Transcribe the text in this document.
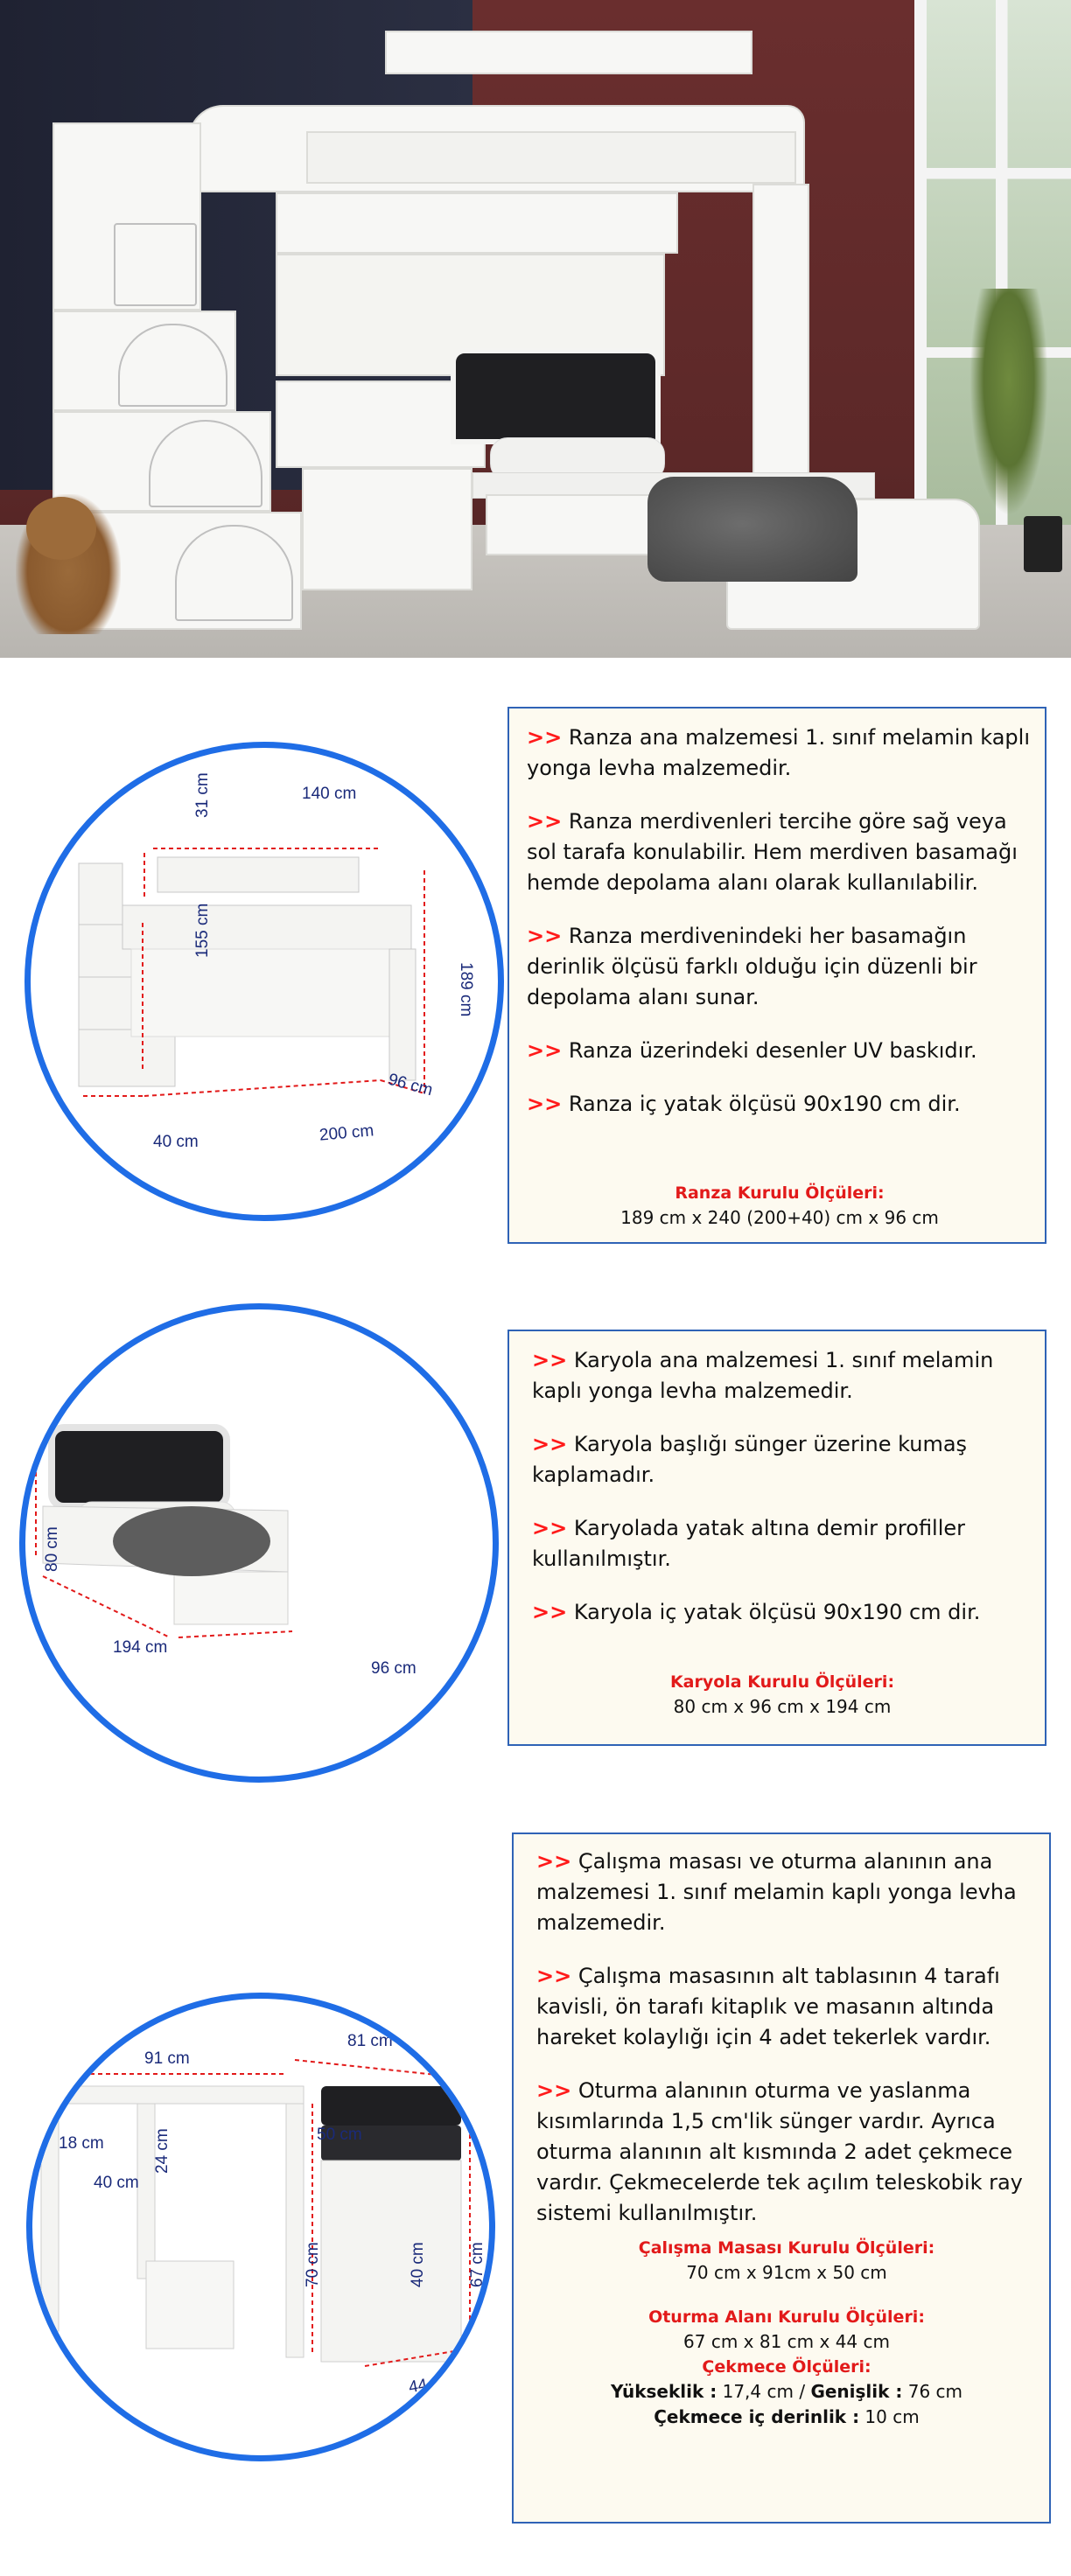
140 cm
31 cm
155 cm
189 cm
96 cm
40 cm	200 cm

>> Ranza ana malzemesi 1. sınıf melamin kaplı yonga levha malzemedir.

>> Ranza merdivenleri tercihe göre sağ veya sol tarafa konulabilir. Hem merdiven basamağı hemde depolama alanı olarak kullanılabilir.

>> Ranza merdivenindeki her basamağın derinlik ölçüsü farklı olduğu için düzenli bir depolama alanı sunar.

>> Ranza üzerindeki desenler UV baskıdır.

>> Ranza iç yatak ölçüsü 90x190 cm dir.

Ranza Kurulu Ölçüleri:
189 cm x 240 (200+40) cm x 96 cm
80 cm
194 cm
96 cm

>> Karyola ana malzemesi 1. sınıf melamin kaplı yonga levha malzemedir.

>> Karyola başlığı sünger üzerine kumaş kaplamadır.

>> Karyolada yatak altına demir profiller kullanılmıştır.

>> Karyola iç yatak ölçüsü 90x190 cm dir.

Karyola Kurulu Ölçüleri:
80 cm x 96 cm x 194 cm
91 cm
81 cm
50 cm
18 cm	24 cm
40 cm
70 cm	40 cm 67 cm
44 cm

>> Çalışma masası ve oturma alanının ana malzemesi 1. sınıf melamin kaplı yonga levha malzemedir.

>> Çalışma masasının alt tablasının 4 tarafı kavisli, ön tarafı kitaplık ve masanın altında hareket kolaylığı için 4 adet tekerlek vardır.

>> Oturma alanının oturma ve yaslanma kısımlarında 1,5 cm'lik sünger vardır. Ayrıca oturma alanının alt kısmında 2 adet çekmece vardır. Çekmecelerde tek açılım teleskobik ray sistemi kullanılmıştır.

Çalışma Masası Kurulu Ölçüleri:
70 cm x 91cm x 50 cm
Oturma Alanı Kurulu Ölçüleri:
67 cm x 81 cm x 44 cm
Çekmece Ölçüleri:
Yükseklik : 17,4 cm / Genişlik : 76 cm
Çekmece iç derinlik : 10 cm
